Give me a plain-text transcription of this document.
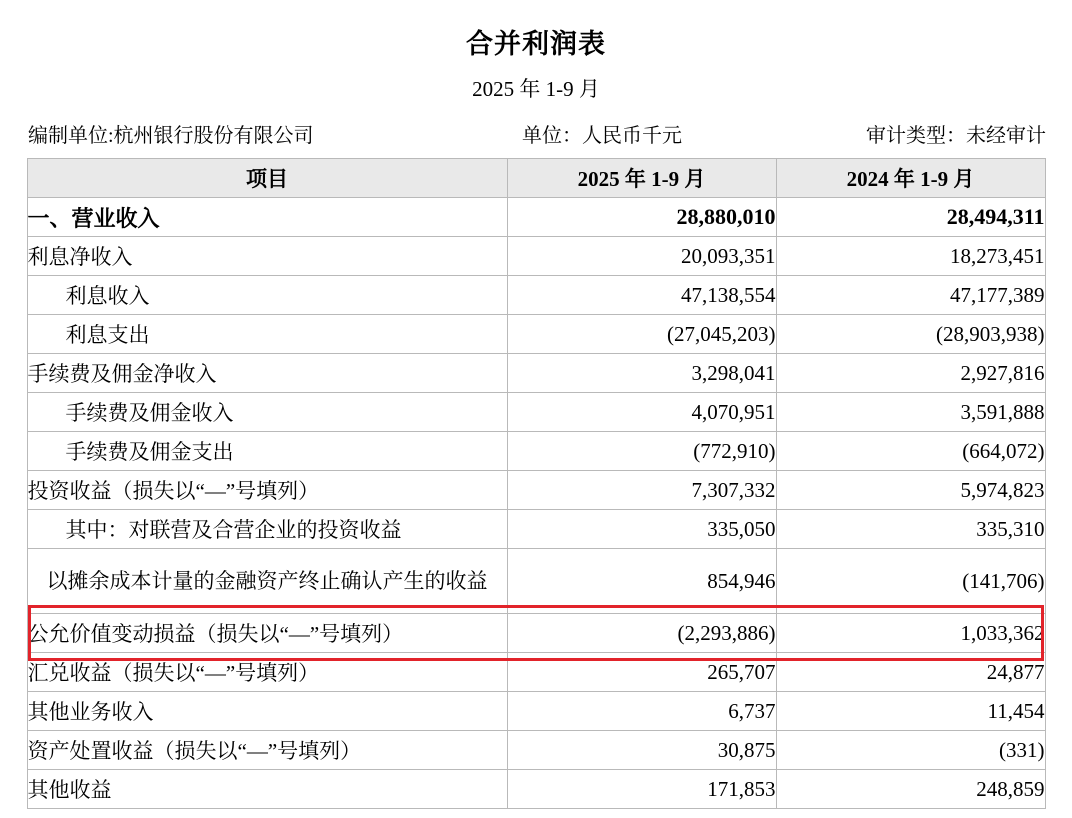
合并利润表
2025 年 1-9 月
编制单位:杭州银行股份有限公司	单位：人民币千元	审计类型：未经审计
项目	2025 年 1-9 月	2024 年 1-9 月
一、营业收入	28,880,010	28,494,311
利息净收入	20,093,351	18,273,451
利息收入	47,138,554	47,177,389
利息支出	(27,045,203)	(28,903,938)
手续费及佣金净收入	3,298,041	2,927,816
手续费及佣金收入	4,070,951	3,591,888
手续费及佣金支出	(772,910)	(664,072)
投资收益（损失以“—”号填列）	7,307,332	5,974,823
其中：对联营及合营企业的投资收益	335,050	335,310
以摊余成本计量的金融资产终止确认产生的收益	854,946	(141,706)
公允价值变动损益（损失以“—”号填列）	(2,293,886)	1,033,362
汇兑收益（损失以“—”号填列）	265,707	24,877
其他业务收入	6,737	11,454
资产处置收益（损失以“—”号填列）	30,875	(331)
其他收益	171,853	248,859
